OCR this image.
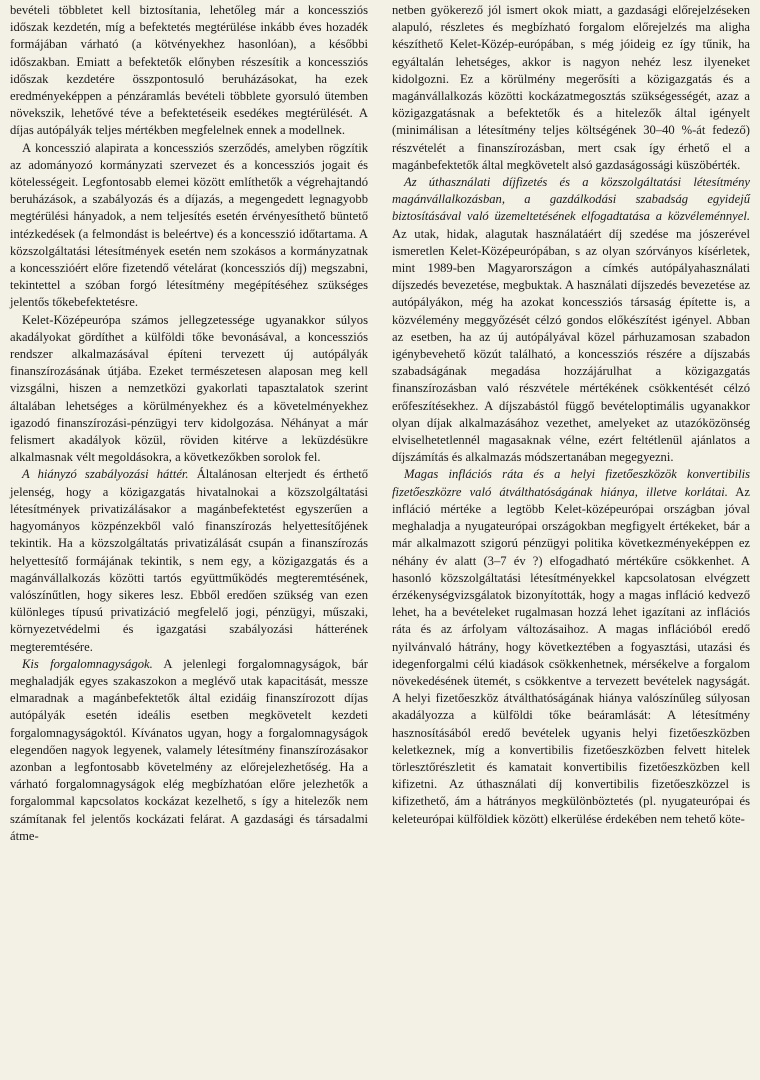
bevételi többletet kell biztosítania, lehetőleg már a koncessziós időszak kezdetén, míg a befektetés megtérülése inkább éves hozadék formájában várható (a kötvényekhez hasonlóan), a későbbi időszakban. Emiatt a befektetők előnyben részesítik a koncessziós időszak kezdetére összpontosuló beruházásokat, ha ezek eredményeképpen a pénzáramlás bevételi többlete gyorsuló ütemben növekszik, lehetővé téve a befektetéseik esedékes megtérülését. A díjas autópályák teljes mértékben megfelelnek ennek a modellnek.

A koncesszió alapirata a koncessziós szerződés, amelyben rögzítik az adományozó kormányzati szervezet és a koncessziós jogait és kötelességeit. Legfontosabb elemei között említhetők a végrehajtandó beruházások, a szabályozás és a díjazás, a megengedett legnagyobb megtérülési hányadok, a nem teljesítés esetén érvényesíthető büntető intézkedések (a felmondást is beleértve) és a koncesszió időtartama. A közszolgáltatási létesítmények esetén nem szokásos a kormányzatnak a koncesszióért előre fizetendő vételárat (koncessziós díj) megszabni, tekintettel a szóban forgó létesítmény megépítéséhez szükséges jelentős tőkebefektetésre.

Kelet-Középeurópa számos jellegzetessége ugyanakkor súlyos akadályokat gördíthet a külföldi tőke bevonásával, a koncessziós rendszer alkalmazásával építeni tervezett új autópályák finanszírozásának útjába. Ezeket természetesen alaposan meg kell vizsgálni, hiszen a nemzetközi gyakorlati tapasztalatok szerint általában lehetséges a körülményekhez és a követelményekhez igazodó finanszírozási-pénzügyi terv kidolgozása. Néhányat a már felismert akadályok közül, röviden kitérve a leküzdésükre alkalmasnak vélt megoldásokra, a következőkben sorolok fel.

A hiányzó szabályozási háttér. Általánosan elterjedt és érthető jelenség, hogy a közigazgatás hivatalnokai a közszolgáltatási létesítmények privatizálásakor a magánbefektetést egyszerűen a hagyományos közpénzekből való finanszírozás helyettesítőjének tekintik. Ha a közszolgáltatás privatizálását csupán a finanszírozás helyettesítő formájának tekintik, s nem egy, a közigazgatás és a magánvállalkozás közötti tartós együttműködés megteremtésének, valószínűtlen, hogy sikeres lesz. Ebből eredően szükség van ezen különleges típusú privatizáció megfelelő jogi, pénzügyi, műszaki, környezetvédelmi és igazgatási szabályozási hátterének megteremtésére.

Kis forgalomnagyságok. A jelenlegi forgalomnagyságok, bár meghaladják egyes szakaszokon a meglévő utak kapacitását, messze elmaradnak a magánbefektetők által ezidáig finanszírozott díjas autópályák esetén ideális esetben megkövetelt kezdeti forgalomnagyságoktól. Kívánatos ugyan, hogy a forgalomnagyságok elegendően nagyok legyenek, valamely létesítmény finanszírozásakor azonban a legfontosabb követelmény az előrejelezhetőség. Ha a várható forgalomnagyságok elég megbízhatóan előre jelezhetők a forgalommal kapcsolatos kockázat kezelhető, s így a hitelezők nem számítanak fel jelentős kockázati felárat. A gazdasági és társadalmi átme-

netben gyökerező jól ismert okok miatt, a gazdasági előrejelzéseken alapuló, részletes és megbízható forgalom előrejelzés ma aligha készíthető Kelet-Közép-európában, s még jóideig ez így tűnik, ha egyáltalán lehetséges, akkor is nagyon nehéz lesz ilyeneket kidolgozni. Ez a körülmény megerősíti a közigazgatás és a magánvállalkozás közötti kockázatmegosztás szükségességét, azaz a közigazgatásnak a befektetők és a hitelezők által igényelt (minimálisan a létesítmény teljes költségének 30–40 %-át fedező) részvételét a finanszírozásban, mert csak így érhető el a magánbefektetők által megkövetelt alsó gazdaságossági küszöbérték.

Az úthasználati díjfizetés és a közszolgáltatási létesítmény magánvállalkozásban, a gazdálkodási szabadság egyidejű biztosításával való üzemeltetésének elfogadtatása a közvéleménnyel. Az utak, hidak, alagutak használatáért díj szedése ma jószerével ismeretlen Kelet-Középeurópában, s az olyan szórványos kísérletek, mint 1989-ben Magyarországon a címkés autópályahasználati díjszedés bevezetése, megbuktak. A használati díjszedés bevezetése az autópályákon, még ha azokat koncessziós társaság építette is, a közvélemény meggyőzését célzó gondos előkészítést igényel. Abban az esetben, ha az új autópályával közel párhuzamosan szabadon igénybevehető közút található, a koncessziós részére a díjszabás szabadságának megadása hozzájárulhat a közigazgatás finanszírozásban való részvétele mértékének csökkentését célzó erőfeszítésekhez. A díjszabástól függő bevételoptimális ugyanakkor olyan díjak alkalmazásához vezethet, amelyeket az utazóközönség elviselhetetlennél magasaknak vélne, ezért feltétlenül ajánlatos a díjszámítás és alkalmazás módszertanában megegyezni.

Magas inflációs ráta és a helyi fizetőeszközök konvertibilis fizetőeszközre való átválthatóságának hiánya, illetve korlátai. Az infláció mértéke a legtöbb Kelet-középeurópai országban jóval meghaladja a nyugateurópai országokban megfigyelt értékeket, bár a már alkalmazott szigorú pénzügyi politika következményeképpen ez néhány év alatt (3–7 év ?) elfogadható mértékűre csökkenhet. A hasonló közszolgáltatási létesítményekkel kapcsolatosan elvégzett érzékenységvizsgálatok bizonyították, hogy a magas infláció kedvező lehet, ha a bevételeket rugalmasan hozzá lehet igazítani az inflációs ráta és az árfolyam változásaihoz. A magas inflációból eredő nyilvánvaló hátrány, hogy következtében a fogyasztási, utazási és idegenforgalmi célú kiadások csökkenhetnek, mérsékelve a forgalom növekedésének ütemét, s csökkentve a tervezett bevételek nagyságát. A helyi fizetőeszköz átválthatóságának hiánya valószínűleg súlyosan akadályozza a külföldi tőke beáramlását: A létesítmény hasznosításából eredő bevételek ugyanis helyi fizetőeszközben keletkeznek, míg a konvertibilis fizetőeszközben felvett hitelek törlesztőrészletit és kamatait konvertibilis fizetőeszközben kell kifizetni. Az úthasználati díj konvertibilis fizetőeszközzel is kifizethető, ám a hátrányos megkülönböztetés (pl. nyugateurópai és keleteurópai külföldiek között) elkerülése érdekében nem tehető köte-
